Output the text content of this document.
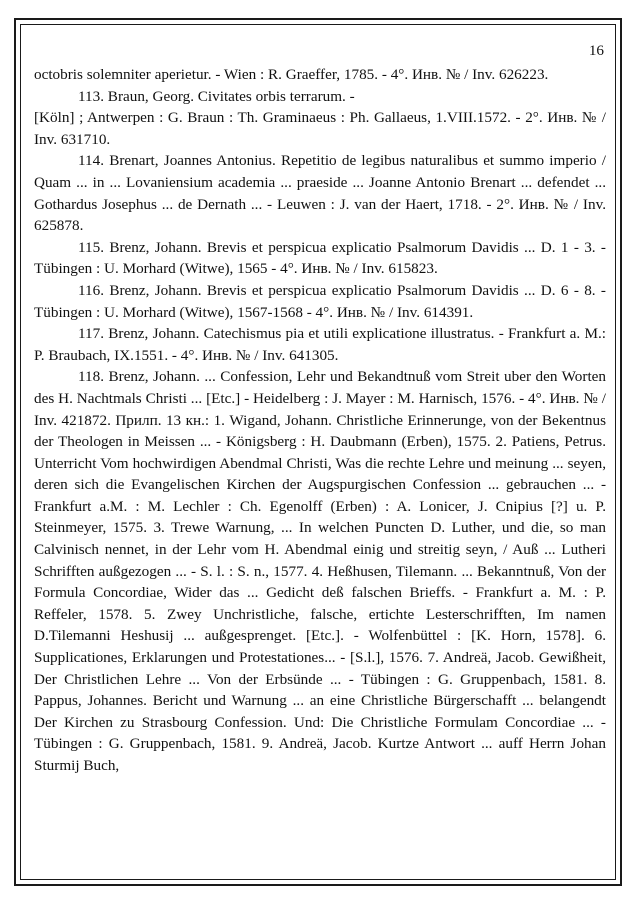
16

octobris solemniter aperietur. - Wien : R. Graeffer, 1785. - 4°. Инв. № / Inv. 626223.

113. Braun, Georg. Civitates orbis terrarum. -

[Köln] ; Antwerpen : G. Braun : Th. Graminaeus : Ph. Gallaeus, 1.VIII.1572. - 2°. Инв. № / Inv. 631710.

114. Brenart, Joannes Antonius. Repetitio de legibus naturalibus et summo imperio / Quam ... in ... Lovaniensium academia ... praeside ... Joanne Antonio Brenart ... defendet ... Gothardus Josephus ... de Dernath ... - Leuwen : J. van der Haert, 1718. - 2°. Инв. № / Inv. 625878.

115. Brenz, Johann. Brevis et perspicua explicatio Psalmorum Davidis ... D. 1 - 3. - Tübingen : U. Morhard (Witwe), 1565 - 4°. Инв. № / Inv. 615823.

116. Brenz, Johann. Brevis et perspicua explicatio Psalmorum Davidis ... D. 6 - 8. - Tübingen : U. Morhard (Witwe), 1567-1568 - 4°. Инв. № / Inv. 614391.

117. Brenz, Johann. Catechismus pia et utili explicatione illustratus. - Frankfurt a. M.: P. Braubach, IX.1551. - 4°. Инв. № / Inv. 641305.

118. Brenz, Johann. ... Confession, Lehr und Bekandtnuß vom Streit uber den Worten des H. Nachtmals Christi ... [Etc.] - Heidelberg : J. Mayer : M. Harnisch, 1576. - 4°. Инв. № / Inv. 421872. Прилп. 13 кн.: 1. Wigand, Johann. Christliche Erinnerunge, von der Bekentnus der Theologen in Meissen ... - Königsberg : H. Daubmann (Erben), 1575. 2. Patiens, Petrus. Unterricht Vom hochwirdigen Abendmal Christi, Was die rechte Lehre und meinung ... seyen, deren sich die Evangelischen Kirchen der Augspurgischen Confession ... gebrauchen ... - Frankfurt a.M. : M. Lechler : Ch. Egenolff (Erben) : A. Lonicer, J. Cnipius [?] u. P. Steinmeyer, 1575. 3. Trewe Warnung, ... In welchen Puncten D. Luther, und die, so man Calvinisch nennet, in der Lehr vom H. Abendmal einig und streitig seyn, / Auß ... Lutheri Schrifften außgezogen ... - S. l. : S. n., 1577. 4. Heßhusen, Tilemann. ... Bekanntnuß, Von der Formula Concordiae, Wider das ... Gedicht deß falschen Brieffs. - Frankfurt a. M. : P. Reffeler, 1578. 5. Zwey Unchristliche, falsche, ertichte Lesterschrifften, Im namen D.Tilemanni Heshusij ... außgesprenget. [Etc.]. - Wolfenbüttel : [K. Horn, 1578]. 6. Supplicationes, Erklarungen und Protestationes... - [S.l.], 1576. 7. Andreä, Jacob. Gewißheit, Der Christlichen Lehre ... Von der Erbsünde ... - Tübingen : G. Gruppenbach, 1581. 8. Pappus, Johannes. Bericht und Warnung ... an eine Christliche Bürgerschafft ... belangendt Der Kirchen zu Strasbourg Confession. Und: Die Christliche Formulam Concordiae ... - Tübingen : G. Gruppenbach, 1581. 9. Andreä, Jacob. Kurtze Antwort ... auff Herrn Johan Sturmij Buch,
